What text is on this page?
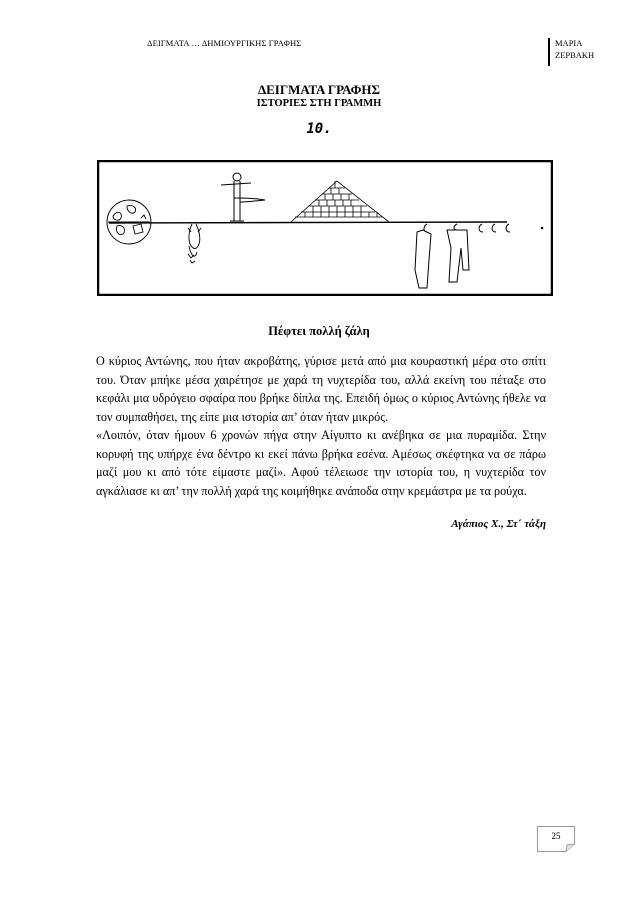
ΔΕΙΓΜΑΤΑ … ΔΗΜΙΟΥΡΓΙΚΗΣ ΓΡΑΦΗΣ	ΜΑΡΙΑ
ΖΕΡΒΑΚΗ
ΔΕΙΓΜΑΤΑ ΓΡΑΦΗΣ
ΙΣΤΟΡΙΕΣ ΣΤΗ ΓΡΑΜΜΗ
10.
Πέφτει πολλή ζάλη

Ο κύριος Αντώνης, που ήταν ακροβάτης, γύρισε μετά από μια κουραστική μέρα στο σπίτι του. Όταν μπήκε μέσα χαιρέτησε με χαρά τη νυχτερίδα του, αλλά εκείνη του πέταξε στο κεφάλι μια υδρόγειο σφαίρα που βρήκε δίπλα της. Επειδή όμως ο κύριος Αντώνης ήθελε να τον συμπαθήσει, της είπε μια ιστορία απ’ όταν ήταν μικρός.

«Λοιπόν, όταν ήμουν 6 χρονών πήγα στην Αίγυπτο κι ανέβηκα σε μια πυραμίδα. Στην κορυφή της υπήρχε ένα δέντρο κι εκεί πάνω βρήκα εσένα. Αμέσως σκέφτηκα να σε πάρω μαζί μου κι από τότε είμαστε μαζί». Αφού τέλειωσε την ιστορία του, η νυχτερίδα τον αγκάλιασε κι απ’ την πολλή χαρά της κοιμήθηκε ανάποδα στην κρεμάστρα με τα ρούχα.

Αγάπιος Χ., Στ΄ τάξη
25
